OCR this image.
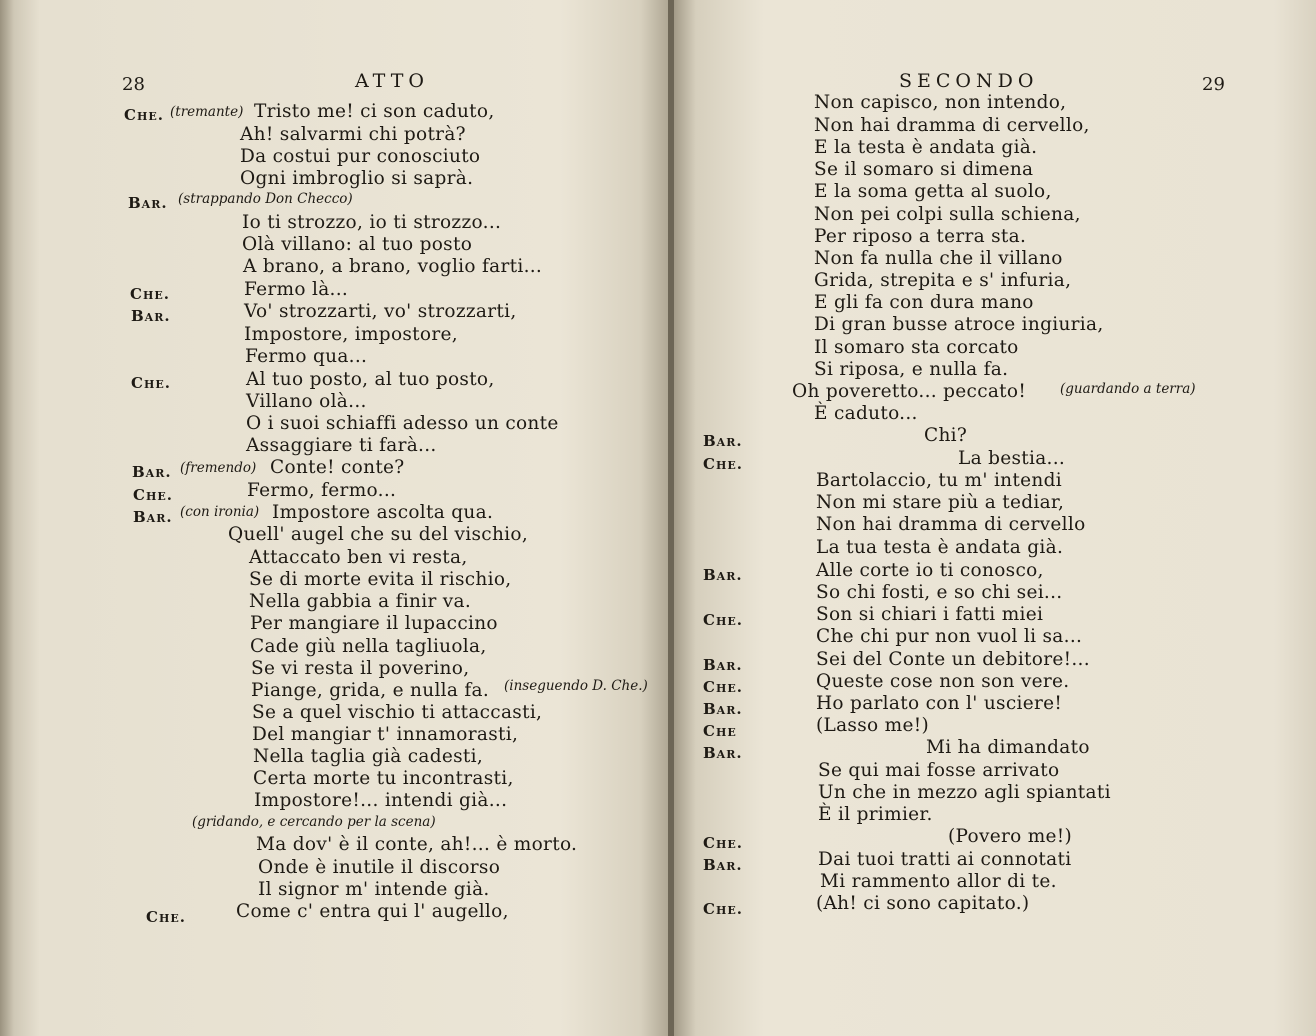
28	ATTO
Che. (tremante) Tristo me! ci son caduto,
Ah! salvarmi chi potrà?
Da costui pur conosciuto
Ogni imbroglio si saprà.
Bar. (strappando Don Checco)
Io ti strozzo, io ti strozzo...
Olà villano: al tuo posto
A brano, a brano, voglio farti...
Che.	Fermo là...
Bar.	Vo' strozzarti, vo' strozzarti,
Impostore, impostore,
Fermo qua...
Che.	Al tuo posto, al tuo posto,
Villano olà...
O i suoi schiaffi adesso un conte
Assaggiare ti farà...
Bar. (fremendo) Conte! conte?
Che.	Fermo, fermo...
Bar. (con ironia) Impostore ascolta qua.
Quell' augel che su del vischio,
Attaccato ben vi resta,
Se di morte evita il rischio,
Nella gabbia a finir va.
Per mangiare il lupaccino
Cade giù nella tagliuola,
Se vi resta il poverino,
Piange, grida, e nulla fa. (inseguendo D. Che.)
Se a quel vischio ti attaccasti,
Del mangiar t' innamorasti,
Nella taglia già cadesti,
Certa morte tu incontrasti,
Impostore!... intendi già...
(gridando, e cercando per la scena)
Ma dov' è il conte, ah!... è morto.
Onde è inutile il discorso
Il signor m' intende già.
Che.	Come c' entra qui l' augello,
SECONDO	29
Non capisco, non intendo,
Non hai dramma di cervello,
E la testa è andata già.
Se il somaro si dimena
E la soma getta al suolo,
Non pei colpi sulla schiena,
Per riposo a terra sta.
Non fa nulla che il villano
Grida, strepita e s' infuria,
E gli fa con dura mano
Di gran busse atroce ingiuria,
Il somaro sta corcato
Si riposa, e nulla fa.
Oh poveretto... peccato!	(guardando a terra)
È caduto...
Bar.	Chi?
Che.	La bestia...
Bartolaccio, tu m' intendi
Non mi stare più a tediar,
Non hai dramma di cervello
La tua testa è andata già.
Bar.	Alle corte io ti conosco,
So chi fosti, e so chi sei...
Che.	Son si chiari i fatti miei
Che chi pur non vuol li sa...
Bar.	Sei del Conte un debitore!...
Che.	Queste cose non son vere.
Bar.	Ho parlato con l' usciere!
Che	(Lasso me!)
Bar.	Mi ha dimandato
Se qui mai fosse arrivato
Un che in mezzo agli spiantati
È il primier.
Che.	(Povero me!)
Bar.	Dai tuoi tratti ai connotati
Mi rammento allor di te.
Che.	(Ah! ci sono capitato.)
